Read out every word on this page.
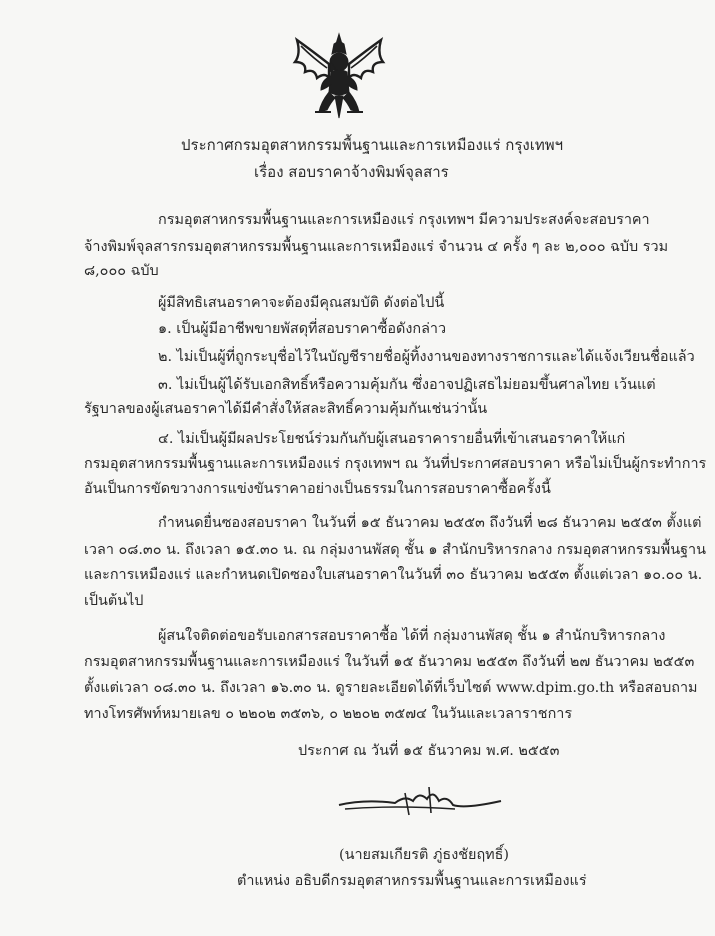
ประกาศกรมอุตสาหกรรมพื้นฐานและการเหมืองแร่ กรุงเทพฯ
เรื่อง สอบราคาจ้างพิมพ์จุลสาร
กรมอุตสาหกรรมพื้นฐานและการเหมืองแร่ กรุงเทพฯ มีความประสงค์จะสอบราคา
จ้างพิมพ์จุลสารกรมอุตสาหกรรมพื้นฐานและการเหมืองแร่ จำนวน ๔ ครั้ง ๆ ละ ๒,๐๐๐ ฉบับ รวม
๘,๐๐๐ ฉบับ
ผู้มีสิทธิเสนอราคาจะต้องมีคุณสมบัติ ดังต่อไปนี้
๑. เป็นผู้มีอาชีพขายพัสดุที่สอบราคาซื้อดังกล่าว
๒. ไม่เป็นผู้ที่ถูกระบุชื่อไว้ในบัญชีรายชื่อผู้ทิ้งงานของทางราชการและได้แจ้งเวียนชื่อแล้ว
๓. ไม่เป็นผู้ได้รับเอกสิทธิ์หรือความคุ้มกัน ซึ่งอาจปฏิเสธไม่ยอมขึ้นศาลไทย เว้นแต่
รัฐบาลของผู้เสนอราคาได้มีคำสั่งให้สละสิทธิ์ความคุ้มกันเช่นว่านั้น
๔. ไม่เป็นผู้มีผลประโยชน์ร่วมกันกับผู้เสนอราคารายอื่นที่เข้าเสนอราคาให้แก่
กรมอุตสาหกรรมพื้นฐานและการเหมืองแร่ กรุงเทพฯ ณ วันที่ประกาศสอบราคา หรือไม่เป็นผู้กระทำการ
อันเป็นการขัดขวางการแข่งขันราคาอย่างเป็นธรรมในการสอบราคาซื้อครั้งนี้
กำหนดยื่นซองสอบราคา ในวันที่ ๑๕ ธันวาคม ๒๕๕๓ ถึงวันที่ ๒๘ ธันวาคม ๒๕๕๓ ตั้งแต่
เวลา ๐๘.๓๐ น. ถึงเวลา ๑๕.๓๐ น. ณ กลุ่มงานพัสดุ ชั้น ๑ สำนักบริหารกลาง กรมอุตสาหกรรมพื้นฐาน
และการเหมืองแร่ และกำหนดเปิดซองใบเสนอราคาในวันที่ ๓๐ ธันวาคม ๒๕๕๓ ตั้งแต่เวลา ๑๐.๐๐ น.
เป็นต้นไป
ผู้สนใจติดต่อขอรับเอกสารสอบราคาซื้อ ได้ที่ กลุ่มงานพัสดุ ชั้น ๑ สำนักบริหารกลาง
กรมอุตสาหกรรมพื้นฐานและการเหมืองแร่ ในวันที่ ๑๕ ธันวาคม ๒๕๕๓ ถึงวันที่ ๒๗ ธันวาคม ๒๕๕๓
ตั้งแต่เวลา ๐๘.๓๐ น. ถึงเวลา ๑๖.๓๐ น. ดูรายละเอียดได้ที่เว็บไซต์ www.dpim.go.th หรือสอบถาม
ทางโทรศัพท์หมายเลข ๐ ๒๒๐๒ ๓๕๓๖, ๐ ๒๒๐๒ ๓๕๗๔ ในวันและเวลาราชการ
ประกาศ ณ วันที่ ๑๕ ธันวาคม พ.ศ. ๒๕๕๓
(นายสมเกียรติ ภู่ธงชัยฤทธิ์)
ตำแหน่ง อธิบดีกรมอุตสาหกรรมพื้นฐานและการเหมืองแร่
